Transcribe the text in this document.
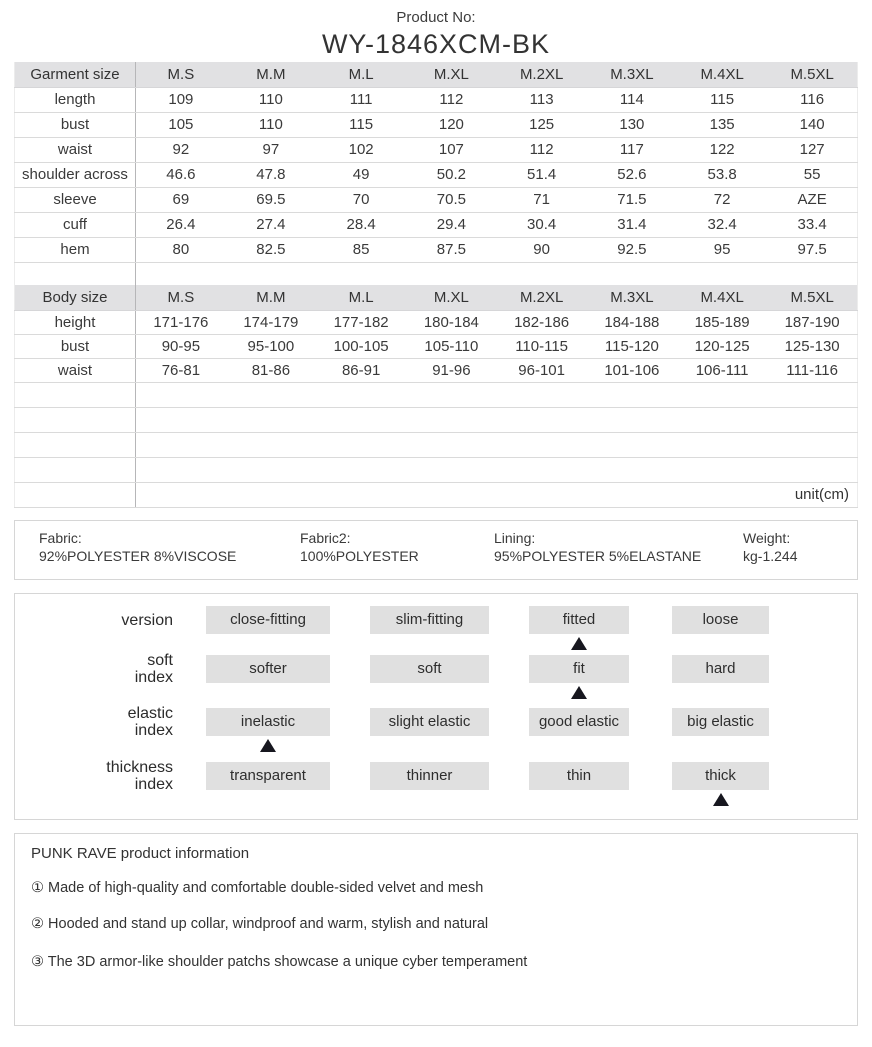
Product No:
WY-1846XCM-BK
Garment size	M.S	M.M	M.L	M.XL	M.2XL	M.3XL	M.4XL	M.5XL
length	109	110	111	112	113	114	115	116
bust	105	110	115	120	125	130	135	140
waist	92	97	102	107	112	117	122	127
shoulder across	46.6	47.8	49	50.2	51.4	52.6	53.8	55
sleeve	69	69.5	70	70.5	71	71.5	72	AZE
cuff	26.4	27.4	28.4	29.4	30.4	31.4	32.4	33.4
hem	80	82.5	85	87.5	90	92.5	95	97.5

Body size	M.S	M.M	M.L	M.XL	M.2XL	M.3XL	M.4XL	M.5XL
height	171-176	174-179	177-182	180-184	182-186	184-188	185-189	187-190
bust	90-95	95-100	100-105	105-110	110-115	115-120	120-125	125-130
waist	76-81	81-86	86-91	91-96	96-101	101-106	106-111	111-116

	unit(cm)							
Fabric:
92%POLYESTER 8%VISCOSE
Fabric2:
100%POLYESTER
Lining:
95%POLYESTER 5%ELASTANE
Weight:
kg-1.244
version	close-fitting	slim-fitting	fitted	loose
soft
index
softer	soft	fit	hard
elastic
index
inelastic	slight elastic	good elastic	big elastic
thickness
index
transparent	thinner	thin	thick
PUNK RAVE product information
① Made of high-quality and comfortable double-sided velvet and mesh
② Hooded and stand up collar, windproof and warm, stylish and natural
③ The 3D armor-like shoulder patchs showcase a unique cyber temperament
